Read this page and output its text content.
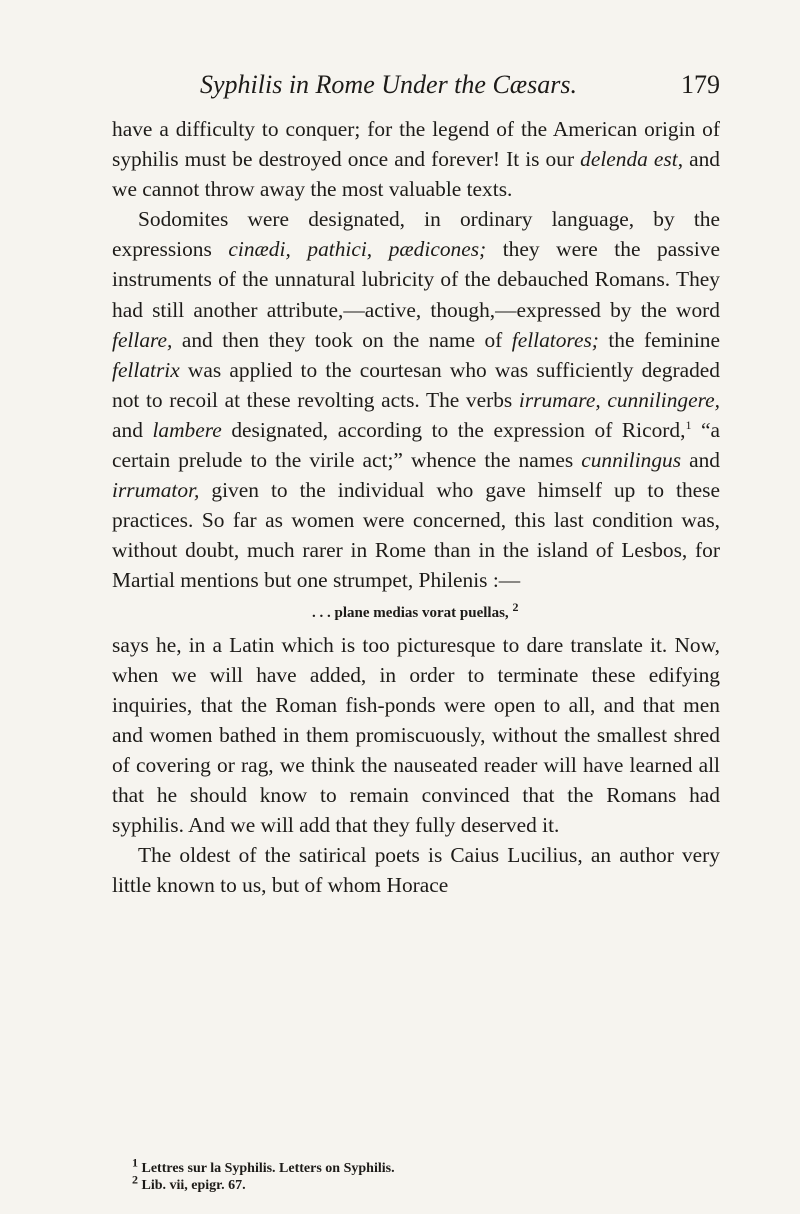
Syphilis in Rome Under the Cæsars.	179

have a difficulty to conquer; for the legend of the American origin of syphilis must be destroyed once and forever! It is our delenda est, and we cannot throw away the most valuable texts.

Sodomites were designated, in ordinary language, by the expressions cinædi, pathici, pædicones; they were the passive instruments of the unnatural lubricity of the debauched Romans. They had still another attribute,—active, though,—expressed by the word fellare, and then they took on the name of fellatores; the feminine fellatrix was applied to the courtesan who was sufficiently degraded not to recoil at these revolting acts. The verbs irrumare, cunnilingere, and lambere designated, according to the expression of Ricord,$^1$ “a certain prelude to the virile act;” whence the names cunnilingus and irrumator, given to the individual who gave himself up to these practices. So far as women were concerned, this last condition was, without doubt, much rarer in Rome than in the island of Lesbos, for Martial mentions but one strumpet, Philenis :—

. . . plane medias vorat puellas, $^2$

says he, in a Latin which is too picturesque to dare translate it. Now, when we will have added, in order to terminate these edifying inquiries, that the Roman fish-ponds were open to all, and that men and women bathed in them promiscuously, without the smallest shred of covering or rag, we think the nauseated reader will have learned all that he should know to remain convinced that the Romans had syphilis. And we will add that they fully deserved it.

The oldest of the satirical poets is Caius Lucilius, an author very little known to us, but of whom Horace

$^1$ Lettres sur la Syphilis. Letters on Syphilis.
$^2$ Lib. vii, epigr. 67.
